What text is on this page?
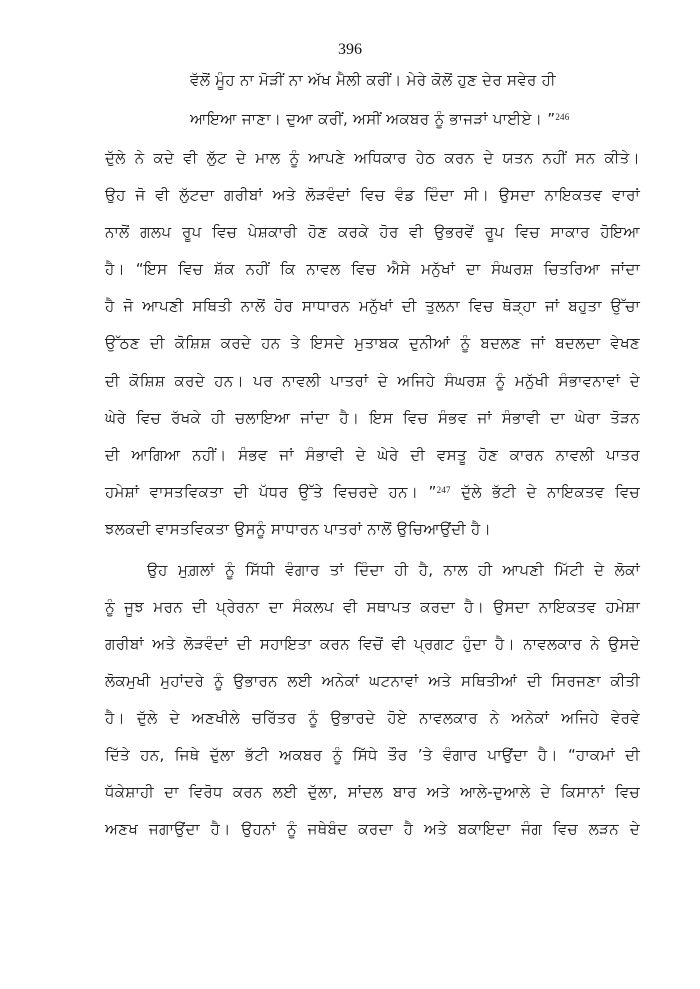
396
ਵੱਲੋਂ ਮੂੰਹ ਨਾ ਮੋੜੀਂ ਨਾ ਅੱਖ ਮੈਲੀ ਕਰੀਂ। ਮੇਰੇ ਕੋਲੋਂ ਹੁਣ ਦੇਰ ਸਵੇਰ ਹੀ
ਆਇਆ ਜਾਣਾ। ਦੁਆ ਕਰੀਂ, ਅਸੀਂ ਅਕਬਰ ਨੂੰ ਭਾਜੜਾਂ ਪਾਈਏ। ”$^{246}$
ਦੁੱਲੇ ਨੇ ਕਦੇ ਵੀ ਲੁੱਟ ਦੇ ਮਾਲ ਨੂੰ ਆਪਣੇ ਅਧਿਕਾਰ ਹੇਠ ਕਰਨ ਦੇ ਯਤਨ ਨਹੀਂ ਸਨ ਕੀਤੇ।
ਉਹ ਜੋ ਵੀ ਲੁੱਟਦਾ ਗਰੀਬਾਂ ਅਤੇ ਲੋੜਵੰਦਾਂ ਵਿਚ ਵੰਡ ਦਿੰਦਾ ਸੀ। ਉਸਦਾ ਨਾਇਕਤਵ ਵਾਰਾਂ
ਨਾਲੋਂ ਗਲਪ ਰੂਪ ਵਿਚ ਪੇਸ਼ਕਾਰੀ ਹੋਣ ਕਰਕੇ ਹੋਰ ਵੀ ਉਭਰਵੇਂ ਰੂਪ ਵਿਚ ਸਾਕਾਰ ਹੋਇਆ
ਹੈ। “ਇਸ ਵਿਚ ਸ਼ੱਕ ਨਹੀਂ ਕਿ ਨਾਵਲ ਵਿਚ ਐਸੇ ਮਨੁੱਖਾਂ ਦਾ ਸੰਘਰਸ਼ ਚਿਤਰਿਆ ਜਾਂਦਾ
ਹੈ ਜੋ ਆਪਣੀ ਸਥਿਤੀ ਨਾਲੋਂ ਹੋਰ ਸਾਧਾਰਨ ਮਨੁੱਖਾਂ ਦੀ ਤੁਲਨਾ ਵਿਚ ਥੋੜ੍ਹਾ ਜਾਂ ਬਹੁਤਾ ਉੱਚਾ
ਉੱਠਣ ਦੀ ਕੋਸ਼ਿਸ਼ ਕਰਦੇ ਹਨ ਤੇ ਇਸਦੇ ਮੁਤਾਬਕ ਦੁਨੀਆਂ ਨੂੰ ਬਦਲਣ ਜਾਂ ਬਦਲਦਾ ਵੇਖਣ
ਦੀ ਕੋਸ਼ਿਸ਼ ਕਰਦੇ ਹਨ। ਪਰ ਨਾਵਲੀ ਪਾਤਰਾਂ ਦੇ ਅਜਿਹੇ ਸੰਘਰਸ਼ ਨੂੰ ਮਨੁੱਖੀ ਸੰਭਾਵਨਾਵਾਂ ਦੇ
ਘੇਰੇ ਵਿਚ ਰੱਖਕੇ ਹੀ ਚਲਾਇਆ ਜਾਂਦਾ ਹੈ। ਇਸ ਵਿਚ ਸੰਭਵ ਜਾਂ ਸੰਭਾਵੀ ਦਾ ਘੇਰਾ ਤੋੜਨ
ਦੀ ਆਗਿਆ ਨਹੀਂ। ਸੰਭਵ ਜਾਂ ਸੰਭਾਵੀ ਦੇ ਘੇਰੇ ਦੀ ਵਸਤੂ ਹੋਣ ਕਾਰਨ ਨਾਵਲੀ ਪਾਤਰ
ਹਮੇਸ਼ਾਂ ਵਾਸਤਵਿਕਤਾ ਦੀ ਪੱਧਰ ਉੱਤੇ ਵਿਚਰਦੇ ਹਨ। ”$^{247}$ ਦੁੱਲੇ ਭੱਟੀ ਦੇ ਨਾਇਕਤਵ ਵਿਚ
ਝਲਕਦੀ ਵਾਸਤਵਿਕਤਾ ਉਸਨੂੰ ਸਾਧਾਰਨ ਪਾਤਰਾਂ ਨਾਲੋਂ ਉਚਿਆਉਂਦੀ ਹੈ।
ਉਹ ਮੁਗ਼ਲਾਂ ਨੂੰ ਸਿੱਧੀ ਵੰਗਾਰ ਤਾਂ ਦਿੰਦਾ ਹੀ ਹੈ, ਨਾਲ ਹੀ ਆਪਣੀ ਮਿੱਟੀ ਦੇ ਲੋਕਾਂ
ਨੂੰ ਜੂਝ ਮਰਨ ਦੀ ਪ੍ਰੇਰਨਾ ਦਾ ਸੰਕਲਪ ਵੀ ਸਥਾਪਤ ਕਰਦਾ ਹੈ। ਉਸਦਾ ਨਾਇਕਤਵ ਹਮੇਸ਼ਾ
ਗਰੀਬਾਂ ਅਤੇ ਲੋੜਵੰਦਾਂ ਦੀ ਸਹਾਇਤਾ ਕਰਨ ਵਿਚੋਂ ਵੀ ਪ੍ਰਗਟ ਹੁੰਦਾ ਹੈ। ਨਾਵਲਕਾਰ ਨੇ ਉਸਦੇ
ਲੋਕਮੁਖੀ ਮੁਹਾਂਦਰੇ ਨੂੰ ਉਭਾਰਨ ਲਈ ਅਨੇਕਾਂ ਘਟਨਾਵਾਂ ਅਤੇ ਸਥਿਤੀਆਂ ਦੀ ਸਿਰਜਣਾ ਕੀਤੀ
ਹੈ। ਦੁੱਲੇ ਦੇ ਅਣਖੀਲੇ ਚਰਿੱਤਰ ਨੂੰ ਉਭਾਰਦੇ ਹੋਏ ਨਾਵਲਕਾਰ ਨੇ ਅਨੇਕਾਂ ਅਜਿਹੇ ਵੇਰਵੇ
ਦਿੱਤੇ ਹਨ, ਜਿਥੇ ਦੁੱਲਾ ਭੱਟੀ ਅਕਬਰ ਨੂੰ ਸਿੱਧੇ ਤੌਰ ’ਤੇ ਵੰਗਾਰ ਪਾਉਂਦਾ ਹੈ। “ਹਾਕਮਾਂ ਦੀ
ਧੱਕੇਸ਼ਾਹੀ ਦਾ ਵਿਰੋਧ ਕਰਨ ਲਈ ਦੁੱਲਾ, ਸਾਂਦਲ ਬਾਰ ਅਤੇ ਆਲੇ-ਦੁਆਲੇ ਦੇ ਕਿਸਾਨਾਂ ਵਿਚ
ਅਣਖ ਜਗਾਉਂਦਾ ਹੈ। ਉਹਨਾਂ ਨੂੰ ਜਥੇਬੰਦ ਕਰਦਾ ਹੈ ਅਤੇ ਬਕਾਇਦਾ ਜੰਗ ਵਿਚ ਲੜਨ ਦੇ
